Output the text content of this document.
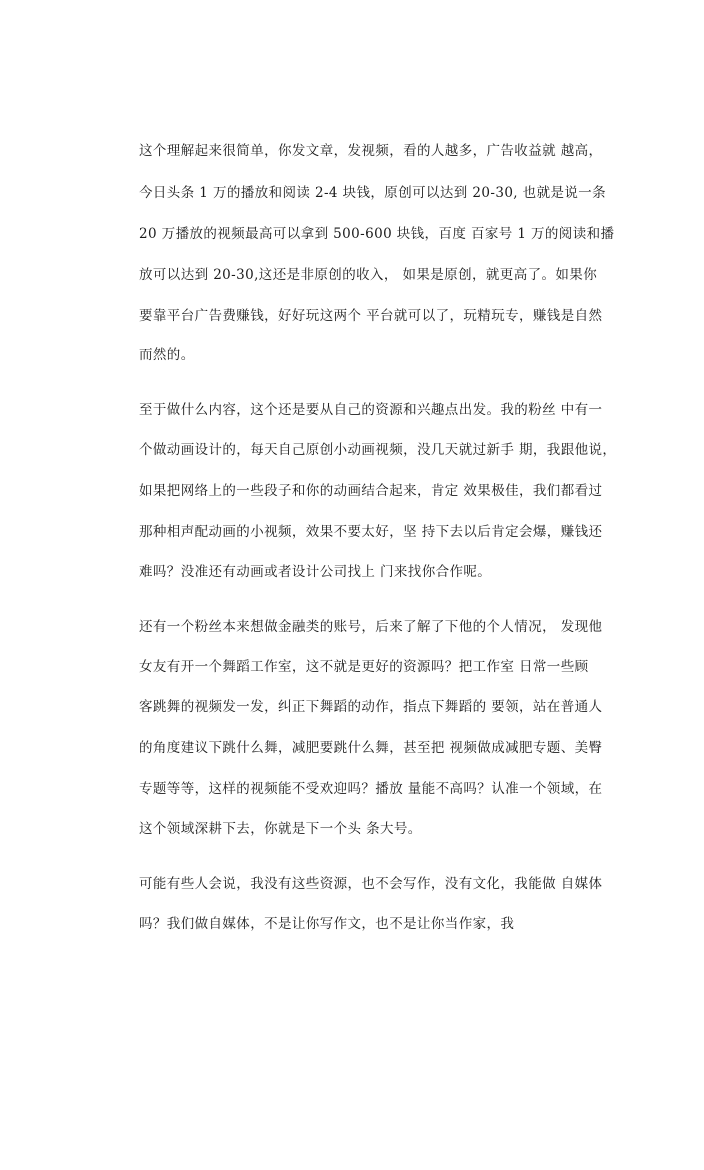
这个理解起来很简单，你发文章，发视频，看的人越多，广告收益就 越高，
今日头条 1 万的播放和阅读 2-4 块钱，原创可以达到 20-30, 也就是说一条
20 万播放的视频最高可以拿到 500-600 块钱，百度 百家号 1 万的阅读和播
放可以达到 20-30,这还是非原创的收入， 如果是原创，就更高了。如果你
要靠平台广告费赚钱，好好玩这两个 平台就可以了，玩精玩专，赚钱是自然
而然的。
至于做什么内容，这个还是要从自己的资源和兴趣点出发。我的粉丝 中有一
个做动画设计的，每天自己原创小动画视频，没几天就过新手 期，我跟他说，
如果把网络上的一些段子和你的动画结合起来，肯定 效果极佳，我们都看过
那种相声配动画的小视频，效果不要太好，坚 持下去以后肯定会爆，赚钱还
难吗？没准还有动画或者设计公司找上 门来找你合作呢。
还有一个粉丝本来想做金融类的账号，后来了解了下他的个人情况， 发现他
女友有开一个舞蹈工作室，这不就是更好的资源吗？把工作室 日常一些顾
客跳舞的视频发一发，纠正下舞蹈的动作，指点下舞蹈的 要领，站在普通人
的角度建议下跳什么舞，减肥要跳什么舞，甚至把 视频做成减肥专题、美臀
专题等等，这样的视频能不受欢迎吗？播放 量能不高吗？认准一个领域，在
这个领域深耕下去，你就是下一个头 条大号。
可能有些人会说，我没有这些资源，也不会写作，没有文化，我能做 自媒体
吗？我们做自媒体，不是让你写作文，也不是让你当作家，我
